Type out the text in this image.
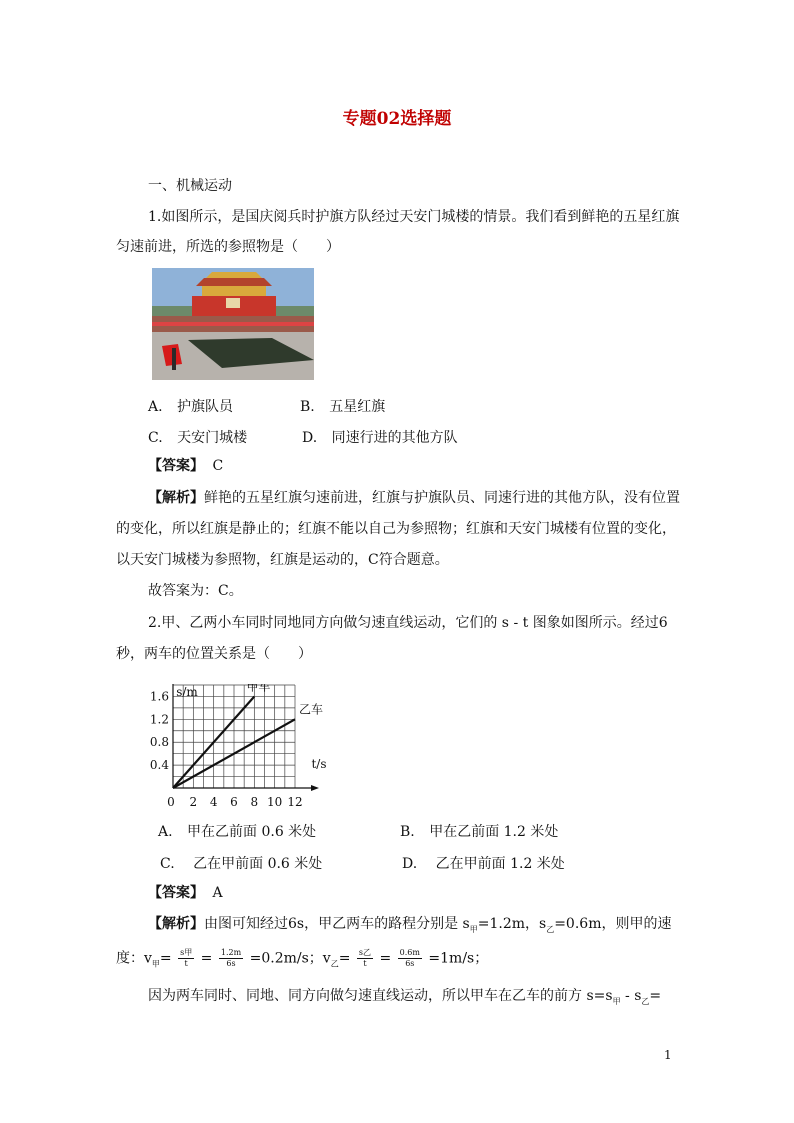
专题02选择题
一、机械运动
1.如图所示，是国庆阅兵时护旗方队经过天安门城楼的情景。我们看到鲜艳的五星红旗
匀速前进，所选的参照物是（　　）
A. 护旗队员	B. 五星红旗
C. 天安门城楼	D. 同速行进的其他方队
【答案】 C
【解析】鲜艳的五星红旗匀速前进，红旗与护旗队员、同速行进的其他方队，没有位置
的变化，所以红旗是静止的；红旗不能以自己为参照物；红旗和天安门城楼有位置的变化，
以天安门城楼为参照物，红旗是运动的，C符合题意。
故答案为：C。
2.甲、乙两小车同时同地同方向做匀速直线运动，它们的 s - t 图象如图所示。经过6
秒，两车的位置关系是（　　）
s/m
t/s
0 2 4 6 8 10 12
0.4
0.8
1.2
1.6
甲车
乙车
A. 甲在乙前面 0.6 米处	B. 甲在乙前面 1.2 米处
C. 乙在甲前面 0.6 米处	D. 乙在甲前面 1.2 米处
【答案】 A
【解析】由图可知经过6s，甲乙两车的路程分别是 $s_甲=1.2m$，$s_乙=0.6m$，则甲的速
度：$v_甲= \frac{\text{s甲}}{t} = \frac{1.2m}{6s} =0.2m/s$；$v_乙= \frac{\text{s乙}}{t} = \frac{0.6m}{6s} =1m/s$；
因为两车同时、同地、同方向做匀速直线运动，所以甲车在乙车的前方 $s=s_甲 - s_乙=$
1
